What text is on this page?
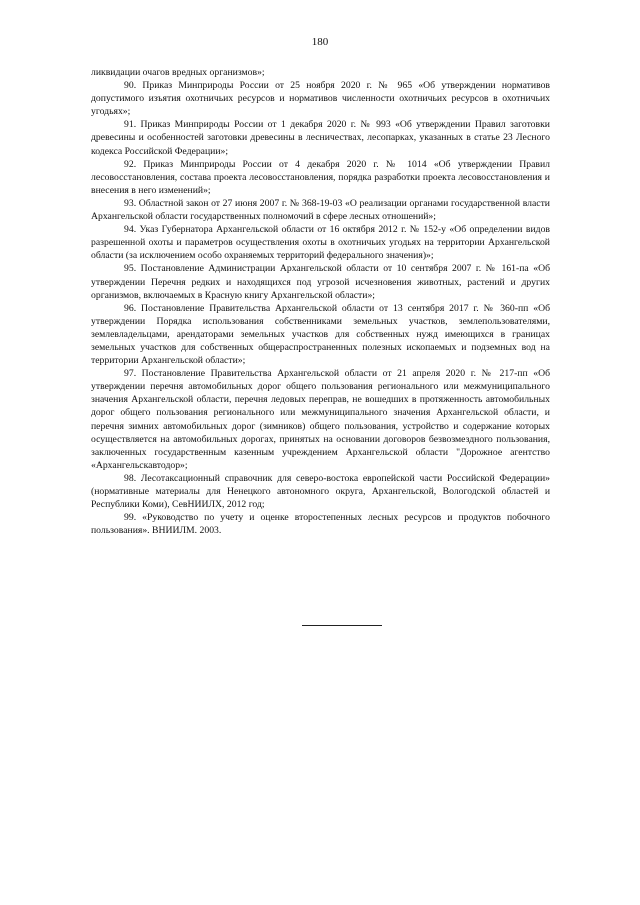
180

ликвидации очагов вредных организмов»;

90. Приказ Минприроды России от 25 ноября 2020 г. № 965 «Об утверждении нормативов допустимого изъятия охотничьих ресурсов и нормативов численности охотничьих ресурсов в охотничьих угодьях»;

91. Приказ Минприроды России от 1 декабря 2020 г. № 993 «Об утверждении Правил заготовки древесины и особенностей заготовки древесины в лесничествах, лесопарках, указанных в статье 23 Лесного кодекса Российской Федерации»;

92. Приказ Минприроды России от 4 декабря 2020 г. № 1014 «Об утверждении Правил лесовосстановления, состава проекта лесовосстановления, порядка разработки проекта лесовосстановления и внесения в него изменений»;

93. Областной закон от 27 июня 2007 г. № 368-19-03 «О реализации органами государственной власти Архангельской области государственных полномочий в сфере лесных отношений»;

94. Указ Губернатора Архангельской области от 16 октября 2012 г. № 152-у «Об определении видов разрешенной охоты и параметров осуществления охоты в охотничьих угодьях на территории Архангельской области (за исключением особо охраняемых территорий федерального значения)»;

95. Постановление Администрации Архангельской области от 10 сентября 2007 г. № 161-па «Об утверждении Перечня редких и находящихся под угрозой исчезновения животных, растений и других организмов, включаемых в Красную книгу Архангельской области»;

96. Постановление Правительства Архангельской области от 13 сентября 2017 г. № 360-пп «Об утверждении Порядка использования собственниками земельных участков, землепользователями, землевладельцами, арендаторами земельных участков для собственных нужд имеющихся в границах земельных участков для собственных общераспространенных полезных ископаемых и подземных вод на территории Архангельской области»;

97. Постановление Правительства Архангельской области от 21 апреля 2020 г. № 217-пп «Об утверждении перечня автомобильных дорог общего пользования регионального или межмуниципального значения Архангельской области, перечня ледовых переправ, не вошедших в протяженность автомобильных дорог общего пользования регионального или межмуниципального значения Архангельской области, и перечня зимних автомобильных дорог (зимников) общего пользования, устройство и содержание которых осуществляется на автомобильных дорогах, принятых на основании договоров безвозмездного пользования, заключенных государственным казенным учреждением Архангельской области "Дорожное агентство «Архангельскавтодор»;

98. Лесотаксационный справочник для северо-востока европейской части Российской Федерации» (нормативные материалы для Ненецкого автономного округа, Архангельской, Вологодской областей и Республики Коми), СевНИИЛХ, 2012 год;

99. «Руководство по учету и оценке второстепенных лесных ресурсов и продуктов побочного пользования». ВНИИЛМ. 2003.
